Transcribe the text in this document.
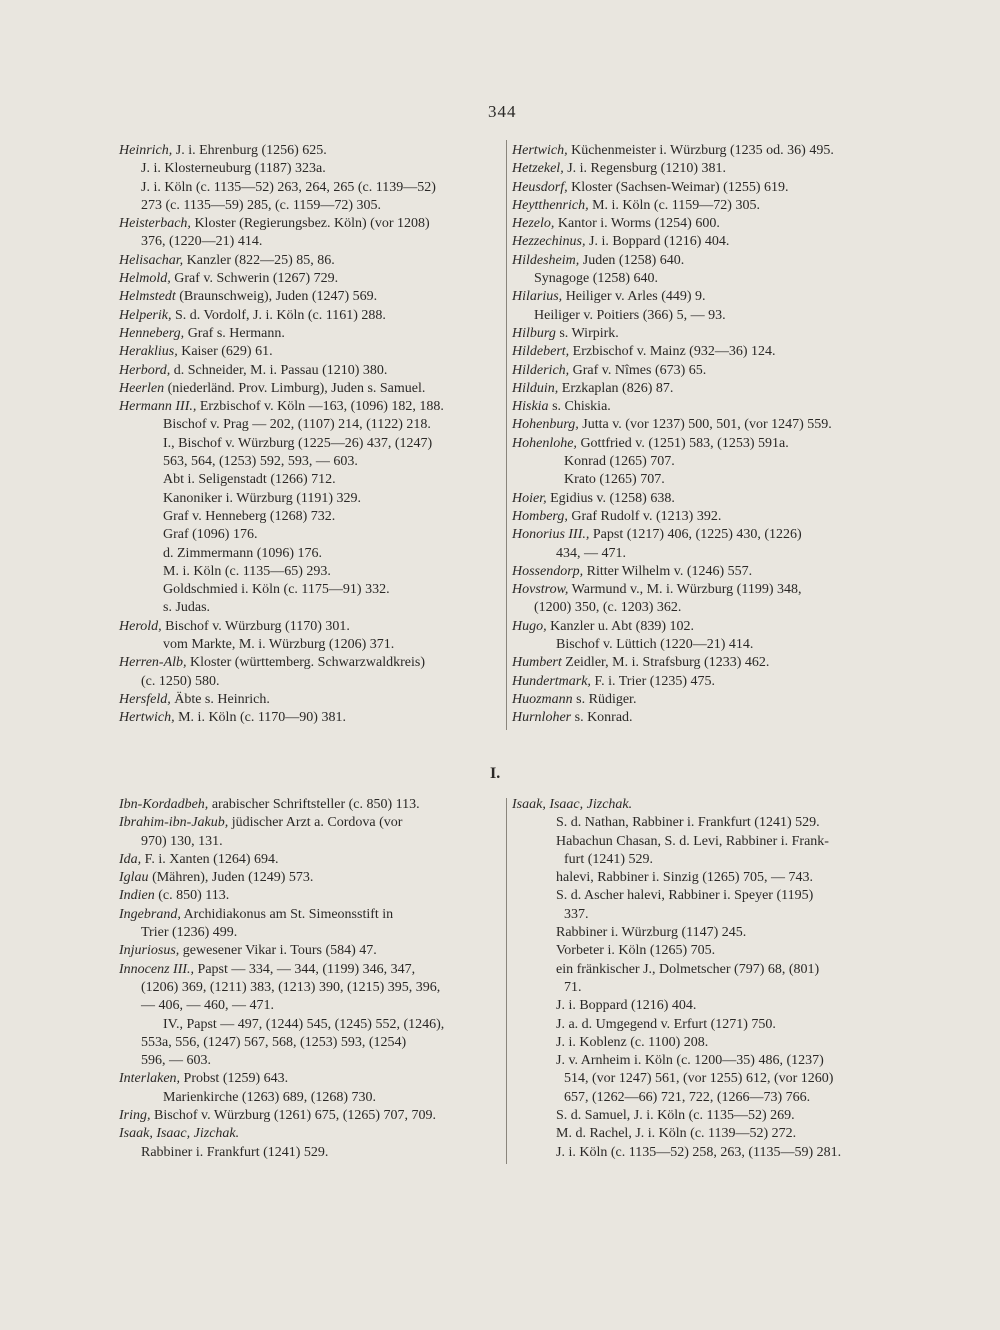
344
Heinrich, J. i. Ehrenburg (1256) 625.
J. i. Klosterneuburg (1187) 323a.
J. i. Köln (c. 1135—52) 263, 264, 265 (c. 1139—52)
273 (c. 1135—59) 285, (c. 1159—72) 305.
Heisterbach, Kloster (Regierungsbez. Köln) (vor 1208)
376, (1220—21) 414.
Helisachar, Kanzler (822—25) 85, 86.
Helmold, Graf v. Schwerin (1267) 729.
Helmstedt (Braunschweig), Juden (1247) 569.
Helperik, S. d. Vordolf, J. i. Köln (c. 1161) 288.
Henneberg, Graf s. Hermann.
Heraklius, Kaiser (629) 61.
Herbord, d. Schneider, M. i. Passau (1210) 380.
Heerlen (niederländ. Prov. Limburg), Juden s. Samuel.
Hermann III., Erzbischof v. Köln —163, (1096) 182, 188.
Bischof v. Prag — 202, (1107) 214, (1122) 218.
I., Bischof v. Würzburg (1225—26) 437, (1247)
563, 564, (1253) 592, 593, — 603.
Abt i. Seligenstadt (1266) 712.
Kanoniker i. Würzburg (1191) 329.
Graf v. Henneberg (1268) 732.
Graf (1096) 176.
d. Zimmermann (1096) 176.
M. i. Köln (c. 1135—65) 293.
Goldschmied i. Köln (c. 1175—91) 332.
s. Judas.
Herold, Bischof v. Würzburg (1170) 301.
vom Markte, M. i. Würzburg (1206) 371.
Herren-Alb, Kloster (württemberg. Schwarzwaldkreis)
(c. 1250) 580.
Hersfeld, Äbte s. Heinrich.
Hertwich, M. i. Köln (c. 1170—90) 381.
Hertwich, Küchenmeister i. Würzburg (1235 od. 36) 495.
Hetzekel, J. i. Regensburg (1210) 381.
Heusdorf, Kloster (Sachsen-Weimar) (1255) 619.
Heytthenrich, M. i. Köln (c. 1159—72) 305.
Hezelo, Kantor i. Worms (1254) 600.
Hezzechinus, J. i. Boppard (1216) 404.
Hildesheim, Juden (1258) 640.
Synagoge (1258) 640.
Hilarius, Heiliger v. Arles (449) 9.
Heiliger v. Poitiers (366) 5, — 93.
Hilburg s. Wirpirk.
Hildebert, Erzbischof v. Mainz (932—36) 124.
Hilderich, Graf v. Nîmes (673) 65.
Hilduin, Erzkaplan (826) 87.
Hiskia s. Chiskia.
Hohenburg, Jutta v. (vor 1237) 500, 501, (vor 1247) 559.
Hohenlohe, Gottfried v. (1251) 583, (1253) 591a.
Konrad (1265) 707.
Krato (1265) 707.
Hoier, Egidius v. (1258) 638.
Homberg, Graf Rudolf v. (1213) 392.
Honorius III., Papst (1217) 406, (1225) 430, (1226)
434, — 471.
Hossendorp, Ritter Wilhelm v. (1246) 557.
Hovstrow, Warmund v., M. i. Würzburg (1199) 348,
(1200) 350, (c. 1203) 362.
Hugo, Kanzler u. Abt (839) 102.
Bischof v. Lüttich (1220—21) 414.
Humbert Zeidler, M. i. Strafsburg (1233) 462.
Hundertmark, F. i. Trier (1235) 475.
Huozmann s. Rüdiger.
Hurnloher s. Konrad.
I.
Ibn-Kordadbeh, arabischer Schriftsteller (c. 850) 113.
Ibrahim-ibn-Jakub, jüdischer Arzt a. Cordova (vor
970) 130, 131.
Ida, F. i. Xanten (1264) 694.
Iglau (Mähren), Juden (1249) 573.
Indien (c. 850) 113.
Ingebrand, Archidiakonus am St. Simeonsstift in
Trier (1236) 499.
Injuriosus, gewesener Vikar i. Tours (584) 47.
Innocenz III., Papst — 334, — 344, (1199) 346, 347,
(1206) 369, (1211) 383, (1213) 390, (1215) 395, 396,
— 406, — 460, — 471.
IV., Papst — 497, (1244) 545, (1245) 552, (1246),
553a, 556, (1247) 567, 568, (1253) 593, (1254)
596, — 603.
Interlaken, Probst (1259) 643.
Marienkirche (1263) 689, (1268) 730.
Iring, Bischof v. Würzburg (1261) 675, (1265) 707, 709.
Isaak, Isaac, Jizchak.
Rabbiner i. Frankfurt (1241) 529.
Isaak, Isaac, Jizchak.
S. d. Nathan, Rabbiner i. Frankfurt (1241) 529.
Habachun Chasan, S. d. Levi, Rabbiner i. Frank-
furt (1241) 529.
halevi, Rabbiner i. Sinzig (1265) 705, — 743.
S. d. Ascher halevi, Rabbiner i. Speyer (1195)
337.
Rabbiner i. Würzburg (1147) 245.
Vorbeter i. Köln (1265) 705.
ein fränkischer J., Dolmetscher (797) 68, (801)
71.
J. i. Boppard (1216) 404.
J. a. d. Umgegend v. Erfurt (1271) 750.
J. i. Koblenz (c. 1100) 208.
J. v. Arnheim i. Köln (c. 1200—35) 486, (1237)
514, (vor 1247) 561, (vor 1255) 612, (vor 1260)
657, (1262—66) 721, 722, (1266—73) 766.
S. d. Samuel, J. i. Köln (c. 1135—52) 269.
M. d. Rachel, J. i. Köln (c. 1139—52) 272.
J. i. Köln (c. 1135—52) 258, 263, (1135—59) 281.
